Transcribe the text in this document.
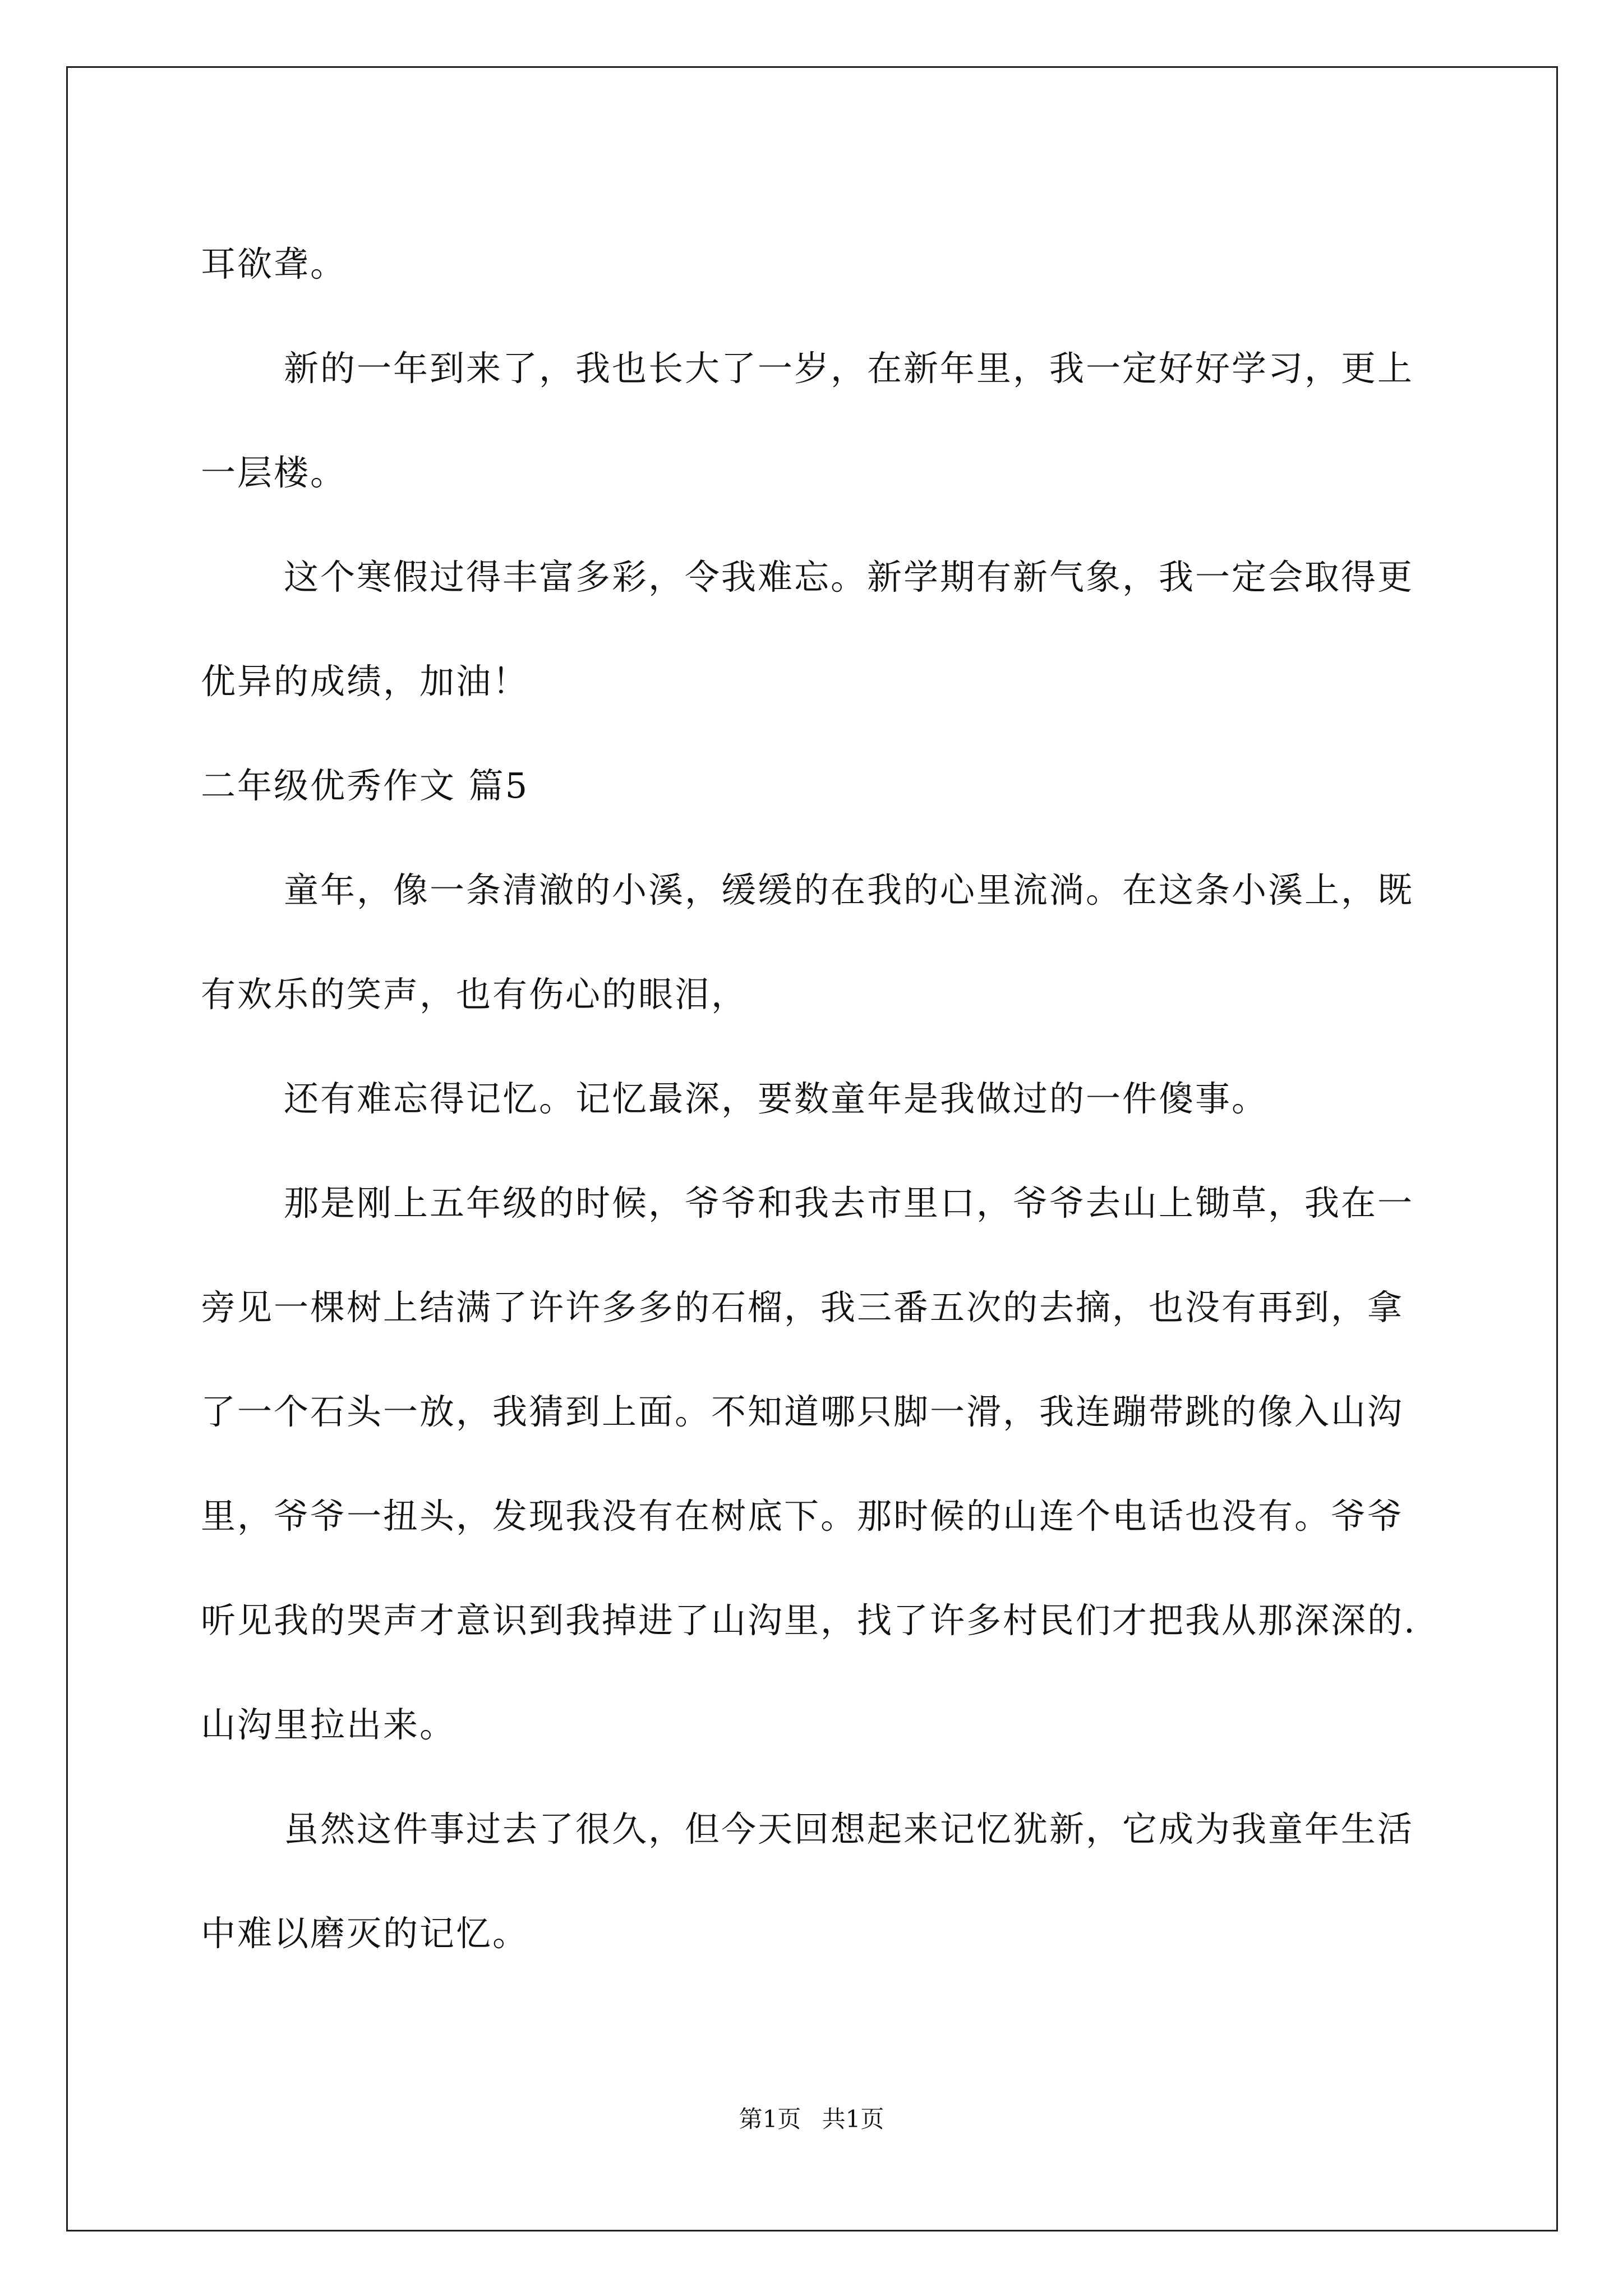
耳欲聋。

新的一年到来了，我也长大了一岁，在新年里，我一定好好学习，更上一层楼。

这个寒假过得丰富多彩，令我难忘。新学期有新气象，我一定会取得更优异的成绩，加油！

二年级优秀作文 篇5

童年，像一条清澈的小溪，缓缓的在我的心里流淌。在这条小溪上，既有欢乐的笑声，也有伤心的眼泪，

还有难忘得记忆。记忆最深，要数童年是我做过的一件傻事。

那是刚上五年级的时候，爷爷和我去市里口，爷爷去山上锄草，我在一旁见一棵树上结满了许许多多的石榴，我三番五次的去摘，也没有再到，拿了一个石头一放，我猜到上面。不知道哪只脚一滑，我连蹦带跳的像入山沟里，爷爷一扭头，发现我没有在树底下。那时候的山连个电话也没有。爷爷听见我的哭声才意识到我掉进了山沟里，找了许多村民们才把我从那深深的.山沟里拉出来。

虽然这件事过去了很久，但今天回想起来记忆犹新，它成为我童年生活中难以磨灭的记忆。

第1页 共1页
